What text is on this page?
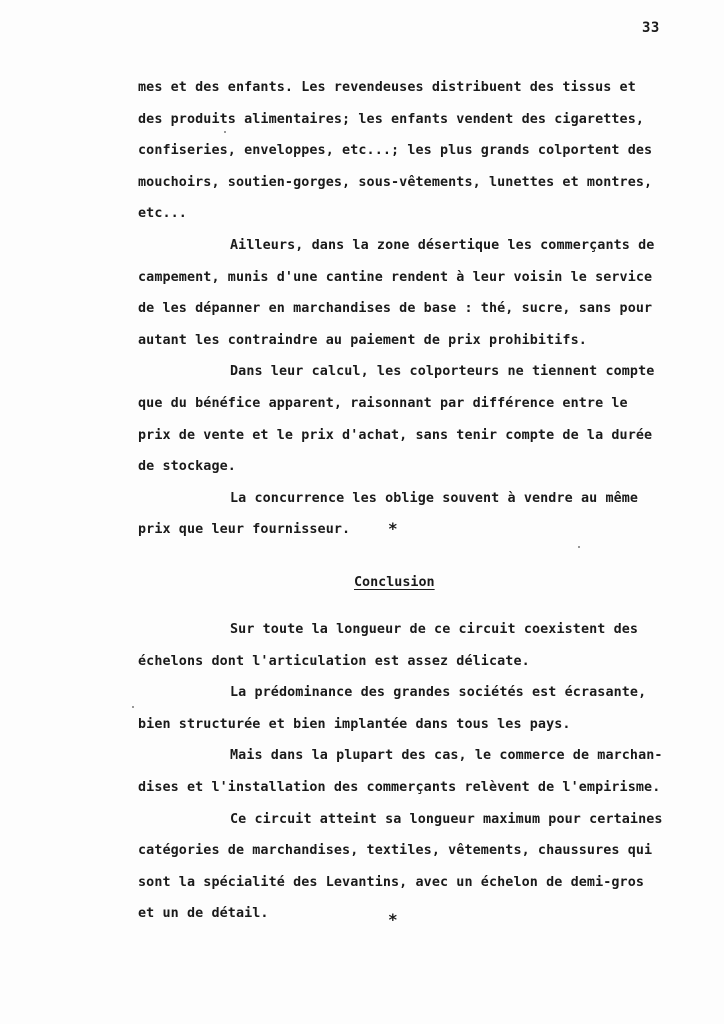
33
mes et des enfants. Les revendeuses distribuent des tissus et
des produits alimentaires; les enfants vendent des cigarettes,
confiseries, enveloppes, etc...; les plus grands colportent des
mouchoirs, soutien-gorges, sous-vêtements, lunettes et montres,
etc...
Ailleurs, dans la zone désertique les commerçants de
campement, munis d'une cantine rendent à leur voisin le service
de les dépanner en marchandises de base : thé, sucre, sans pour
autant les contraindre au paiement de prix prohibitifs.
Dans leur calcul, les colporteurs ne tiennent compte
que du bénéfice apparent, raisonnant par différence entre le
prix de vente et le prix d'achat, sans tenir compte de la durée
de stockage.
La concurrence les oblige souvent à vendre au même
prix que leur fournisseur.	*
Conclusion
Sur toute la longueur de ce circuit coexistent des
échelons dont l'articulation est assez délicate.
La prédominance des grandes sociétés est écrasante,
bien structurée et bien implantée dans tous les pays.
Mais dans la plupart des cas, le commerce de marchan-
dises et l'installation des commerçants relèvent de l'empirisme.
Ce circuit atteint sa longueur maximum pour certaines
catégories de marchandises, textiles, vêtements, chaussures qui
sont la spécialité des Levantins, avec un échelon de demi-gros
et un de détail.	*
